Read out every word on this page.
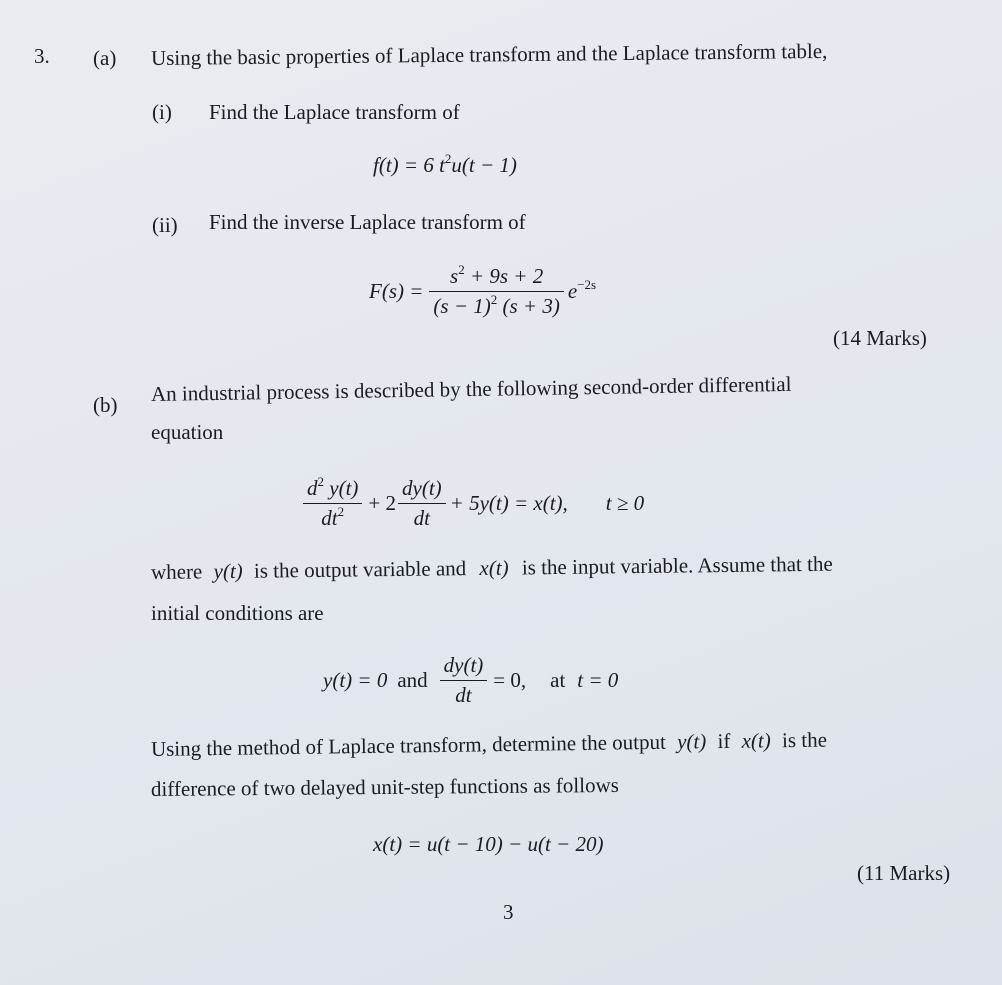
3. (a) Using the basic properties of Laplace transform and the Laplace transform table,
(i) Find the Laplace transform of
f(t) = 6 $t^2u(t - 1)$
(ii) Find the inverse Laplace transform of
$F(s) = \frac{s^2 + 9s + 2}{(s - 1)^2 (s + 3)} e^{-2s}$
(14 Marks)
(b) An industrial process is described by the following second-order differential
equation
$\frac{d^2 y(t)}{dt^2} + 2 \frac{dy(t)}{dt} + 5y(t) = x(t)$, t ≥ 0
where y(t) is the output variable and x(t) is the input variable. Assume that the
initial conditions are
y(t) = 0 and $\frac{dy(t)}{dt} = 0$, at t = 0
Using the method of Laplace transform, determine the output y(t) if x(t) is the
difference of two delayed unit-step functions as follows
x(t) = u(t − 10) − u(t − 20)
(11 Marks)
3
